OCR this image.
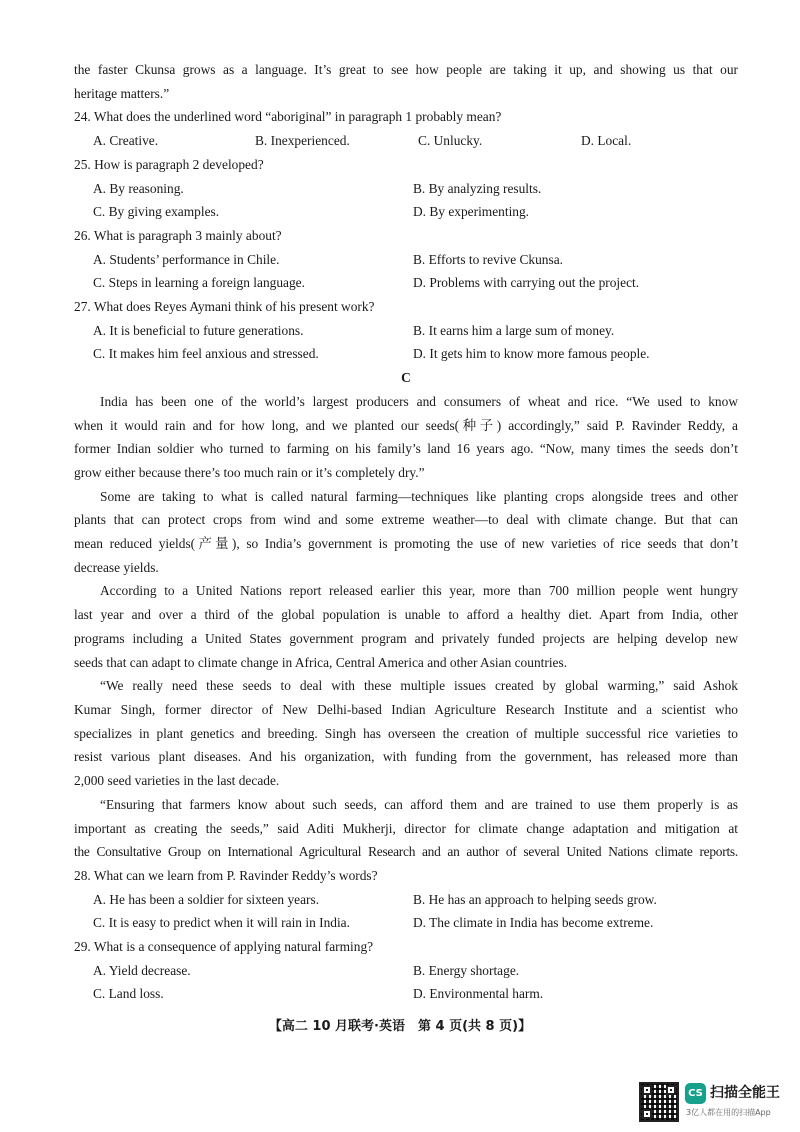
the faster Ckunsa grows as a language. It’s great to see how people are taking it up, and showing us that our
heritage matters.”
24. What does the underlined word “aboriginal” in paragraph 1 probably mean?
A. Creative.	B. Inexperienced.	C. Unlucky.	D. Local.
25. How is paragraph 2 developed?
A. By reasoning.	B. By analyzing results.
C. By giving examples.	D. By experimenting.
26. What is paragraph 3 mainly about?
A. Students’ performance in Chile.	B. Efforts to revive Ckunsa.
C. Steps in learning a foreign language.	D. Problems with carrying out the project.
27. What does Reyes Aymani think of his present work?
A. It is beneficial to future generations.	B. It earns him a large sum of money.
C. It makes him feel anxious and stressed.	D. It gets him to know more famous people.
C
India has been one of the world’s largest producers and consumers of wheat and rice. “We used to know
when it would rain and for how long, and we planted our seeds(种子) accordingly,” said P. Ravinder Reddy, a
former Indian soldier who turned to farming on his family’s land 16 years ago. “Now, many times the seeds don’t
grow either because there’s too much rain or it’s completely dry.”
Some are taking to what is called natural farming—techniques like planting crops alongside trees and other
plants that can protect crops from wind and some extreme weather—to deal with climate change. But that can
mean reduced yields(产量), so India’s government is promoting the use of new varieties of rice seeds that don’t
decrease yields.
According to a United Nations report released earlier this year, more than 700 million people went hungry
last year and over a third of the global population is unable to afford a healthy diet. Apart from India, other
programs including a United States government program and privately funded projects are helping develop new
seeds that can adapt to climate change in Africa, Central America and other Asian countries.
“We really need these seeds to deal with these multiple issues created by global warming,” said Ashok
Kumar Singh, former director of New Delhi-based Indian Agriculture Research Institute and a scientist who
specializes in plant genetics and breeding. Singh has overseen the creation of multiple successful rice varieties to
resist various plant diseases. And his organization, with funding from the government, has released more than
2,000 seed varieties in the last decade.
“Ensuring that farmers know about such seeds, can afford them and are trained to use them properly is as
important as creating the seeds,” said Aditi Mukherji, director for climate change adaptation and mitigation at
the Consultative Group on International Agricultural Research and an author of several United Nations climate reports.
28. What can we learn from P. Ravinder Reddy’s words?
A. He has been a soldier for sixteen years.	B. He has an approach to helping seeds grow.
C. It is easy to predict when it will rain in India.	D. The climate in India has become extreme.
29. What is a consequence of applying natural farming?
A. Yield decrease.	B. Energy shortage.
C. Land loss.	D. Environmental harm.
【高二 10 月联考·英语　第 4 页(共 8 页)】
CS 扫描全能王
3亿人都在用的扫描App
